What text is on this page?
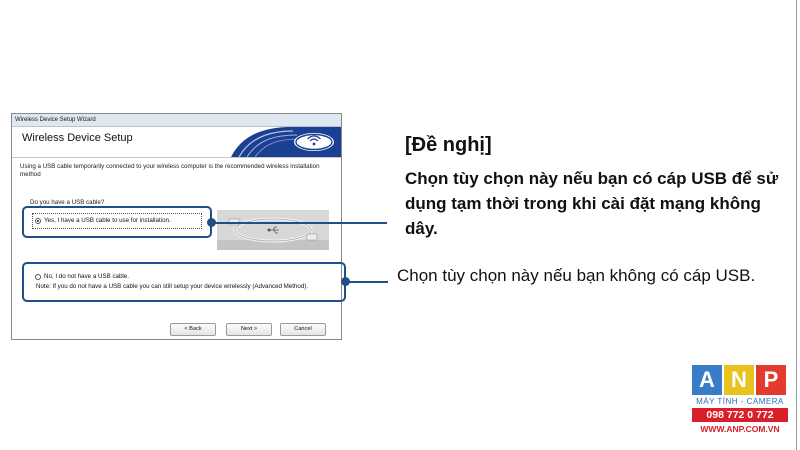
Wireless Device Setup Wizard
Wireless Device Setup
Using a USB cable temporarily connected to your wireless computer is the recommended wireless installation method
Do you have a USB cable?
Yes, I have a USB cable to use for installation.
No, I do not have a USB cable.
Note: If you do not have a USB cable you can still setup your device wirelessly (Advanced Method).
< Back	Next >	Cancel
[Đề nghị]
Chọn tùy chọn này nếu bạn có cáp USB để sử dụng tạm thời trong khi cài đặt mạng không dây.
Chọn tùy chọn này nếu bạn không có cáp USB.
A N P
MÁY TÍNH - CAMERA
098 772 0 772
WWW.ANP.COM.VN
